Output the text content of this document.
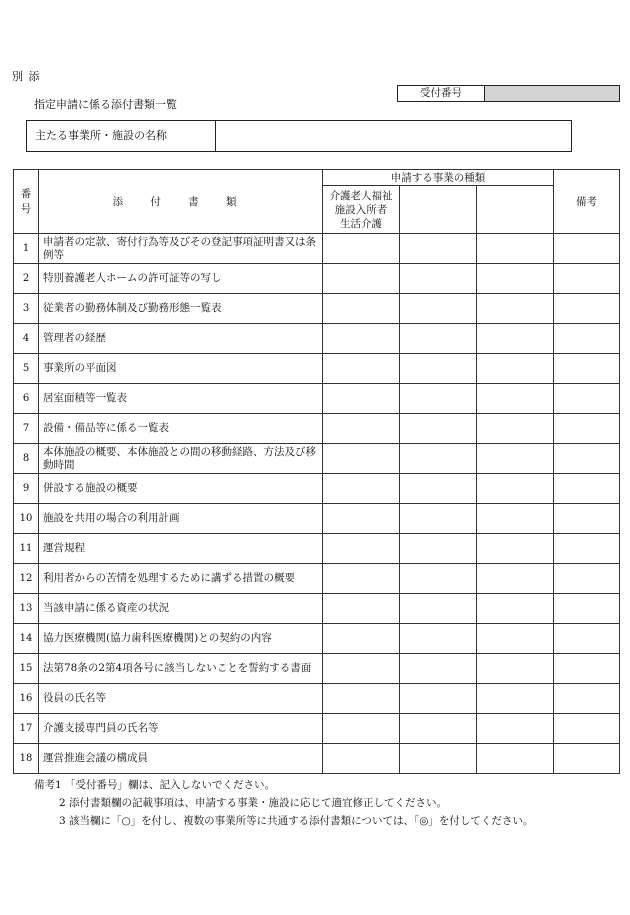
別 添
指定申請に係る添付書類一覧
受付番号
主たる事業所・施設の名称
番
号	添 付 書 類	申請する事業の種類			備考

		介護老人福祉
施設入所者
生活介護			

1	申請者の定款、寄付行為等及びその登記事項証明書又は条例等				
2	特別養護老人ホームの許可証等の写し				
3	従業者の勤務体制及び勤務形態一覧表				
4	管理者の経歴				
5	事業所の平面図				
6	居室面積等一覧表				
7	設備・備品等に係る一覧表				
8	本体施設の概要、本体施設との間の移動経路、方法及び移動時間				
9	併設する施設の概要				
10	施設を共用の場合の利用計画				
11	運営規程				
12	利用者からの苦情を処理するために講ずる措置の概要				
13	当該申請に係る資産の状況				
14	協力医療機関(協力歯科医療機関)との契約の内容				
15	法第78条の2第4項各号に該当しないことを誓約する書面				
16	役員の氏名等				
17	介護支援専門員の氏名等				
18	運営推進会議の構成員				
備考1 「受付番号」欄は、記入しないでください。
2 添付書類欄の記載事項は、申請する事業・施設に応じて適宜修正してください。
3 該当欄に「○」を付し、複数の事業所等に共通する添付書類については、「◎」を付してください。
